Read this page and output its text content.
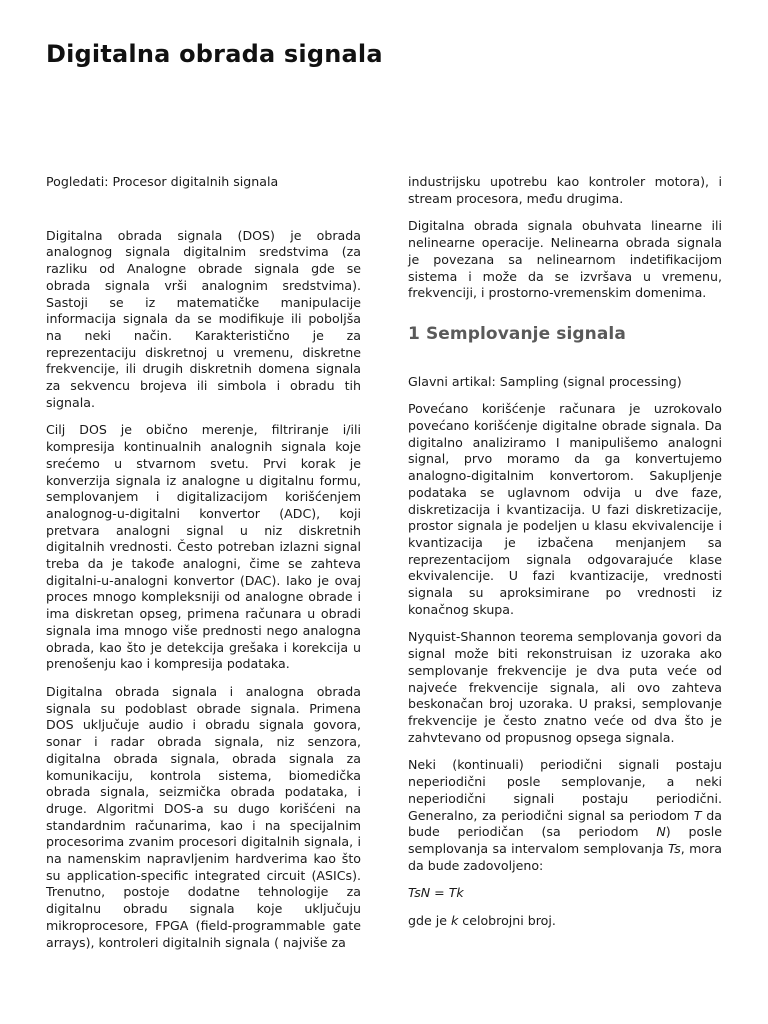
Digitalna obrada signala

Pogledati: Procesor digitalnih signala

Digitalna obrada signala (DOS) je obrada analognog signala digitalnim sredstvima (za razliku od Analogne obrade signala gde se obrada signala vrši analognim sredstvima). Sastoji se iz matematičke manipulacije informacija signala da se modifikuje ili poboljša na neki način. Karakteristično je za reprezentaciju diskretnoj u vremenu, diskretne frekvencije, ili drugih diskretnih domena signala za sekvencu brojeva ili simbola i obradu tih signala.

Cilj DOS je obično merenje, filtriranje i/ili kompresija kontinualnih analognih signala koje srećemo u stvarnom svetu. Prvi korak je konverzija signala iz analogne u digitalnu formu, semplovanjem i digitalizacijom korišćenjem analognog-u-digitalni konvertor (ADC), koji pretvara analogni signal u niz diskretnih digitalnih vrednosti. Često potreban izlazni signal treba da je takođe analogni, čime se zahteva digitalni-u-analogni konvertor (DAC). Iako je ovaj proces mnogo kompleksniji od analogne obrade i ima diskretan opseg, primena računara u obradi signala ima mnogo više prednosti nego analogna obrada, kao što je detekcija grešaka i korekcija u prenošenju kao i kompresija podataka.

Digitalna obrada signala i analogna obrada signala su podoblast obrade signala. Primena DOS uključuje audio i obradu signala govora, sonar i radar obrada signala, niz senzora, digitalna obrada signala, obrada signala za komunikaciju, kontrola sistema, biomedička obrada signala, seizmička obrada podataka, i druge. Algoritmi DOS-a su dugo korišćeni na standardnim računarima, kao i na specijalnim procesorima zvanim procesori digitalnih signala, i na namenskim napravljenim hardverima kao što su application-specific integrated circuit (ASICs). Trenutno, postoje dodatne tehnologije za digitalnu obradu signala koje uključuju mikroprocesore, FPGA (field-programmable gate arrays), kontroleri digitalnih signala ( najviše za

industrijsku upotrebu kao kontroler motora), i stream procesora, među drugima.

Digitalna obrada signala obuhvata linearne ili nelinearne operacije. Nelinearna obrada signala je povezana sa nelinearnom indetifikacijom sistema i može da se izvršava u vremenu, frekvenciji, i prostorno-vremenskim domenima.

1 Semplovanje signala

Glavni artikal: Sampling (signal processing)

Povećano korišćenje računara je uzrokovalo povećano korišćenje digitalne obrade signala. Da digitalno analiziramo I manipulišemo analogni signal, prvo moramo da ga konvertujemo analogno-digitalnim konvertorom. Sakupljenje podataka se uglavnom odvija u dve faze, diskretizacija i kvantizacija. U fazi diskretizacije, prostor signala je podeljen u klasu ekvivalencije i kvantizacija je izbačena menjanjem sa reprezentacijom signala odgovarajuće klase ekvivalencije. U fazi kvantizacije, vrednosti signala su aproksimirane po vrednosti iz konačnog skupa.

Nyquist-Shannon teorema semplovanja govori da signal može biti rekonstruisan iz uzoraka ako semplovanje frekvencije je dva puta veće od najveće frekvencije signala, ali ovo zahteva beskonačan broj uzoraka. U praksi, semplovanje frekvencije je često znatno veće od dva što je zahvtevano od propusnog opsega signala.

Neki (kontinuali) periodični signali postaju neperiodični posle semplovanje, a neki neperiodični signali postaju periodični. Generalno, za periodični signal sa periodom T da bude periodičan (sa periodom N) posle semplovanja sa intervalom semplovanja Ts, mora da bude zadovoljeno:

TsN = Tk

gde je k celobrojni broj.
